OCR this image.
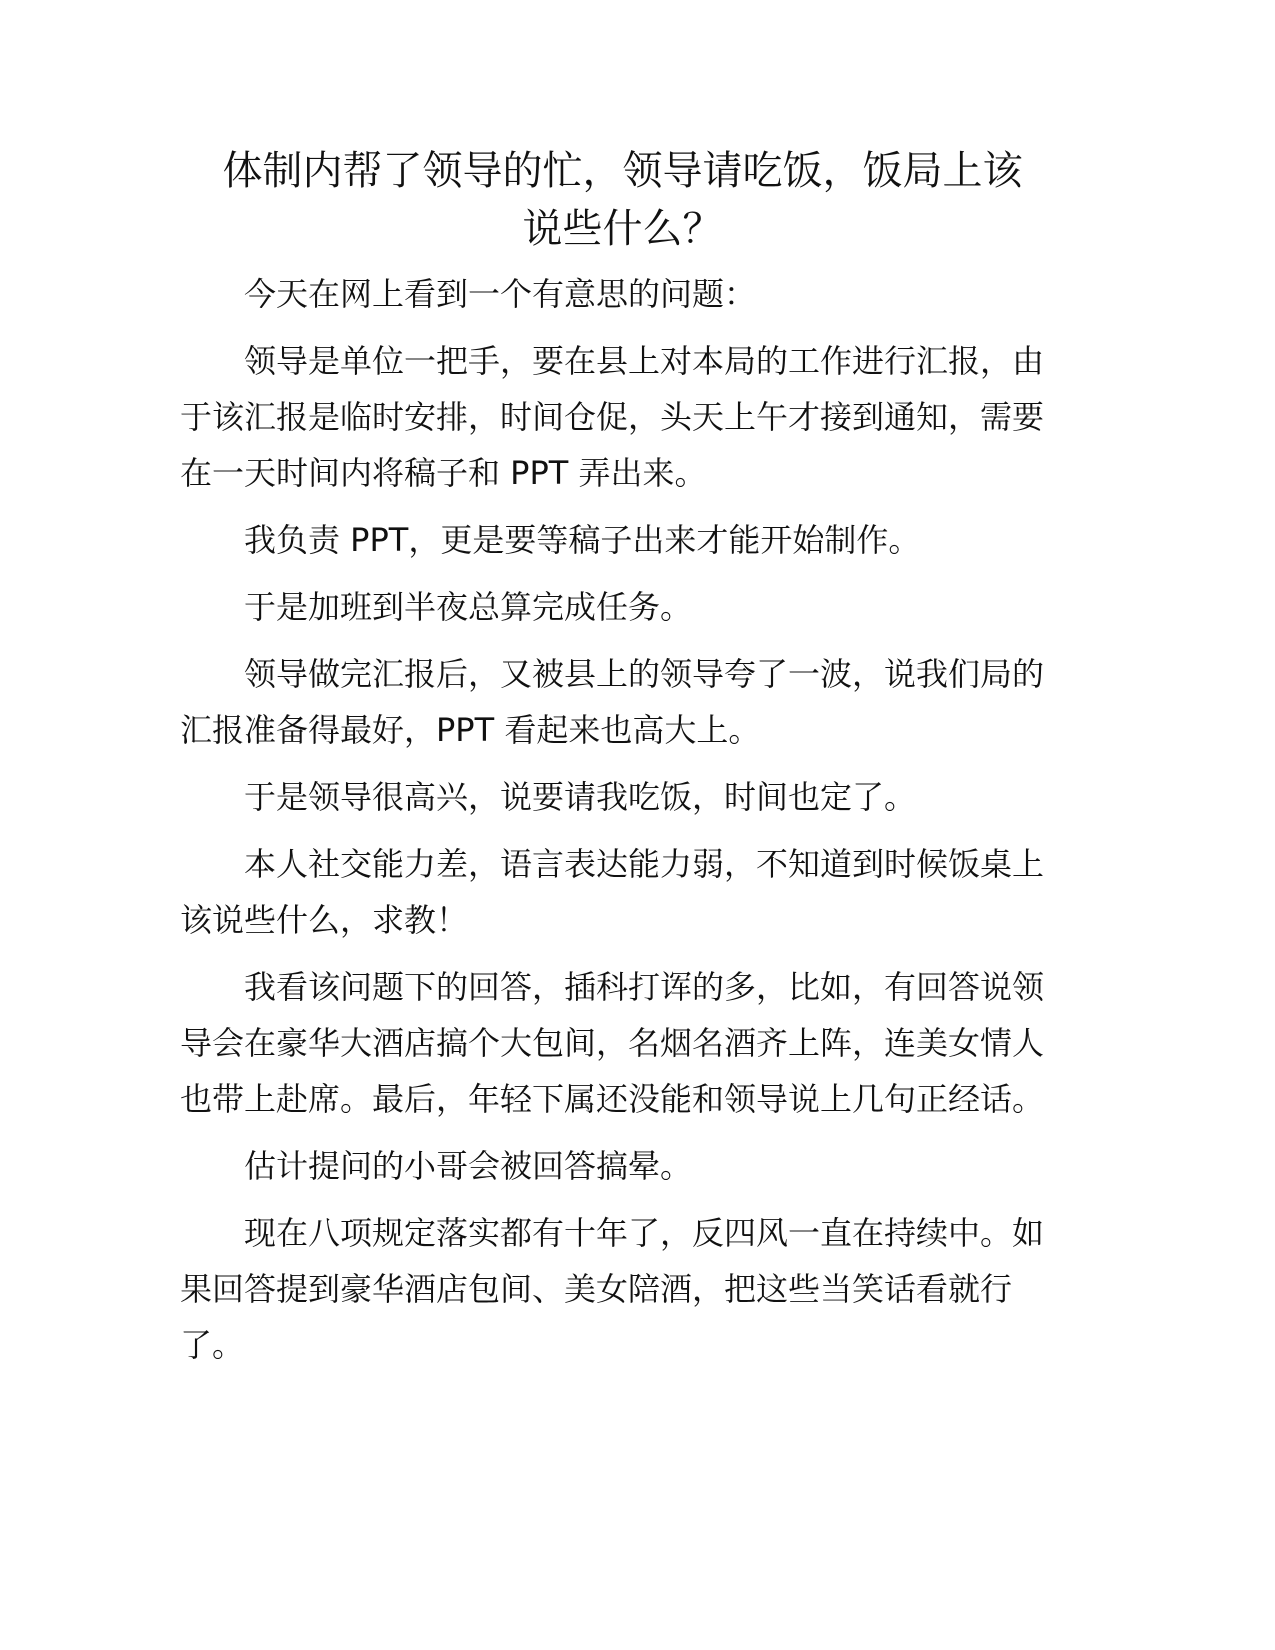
体制内帮了领导的忙，领导请吃饭，饭局上该
说些什么？

今天在网上看到一个有意思的问题：

领导是单位一把手，要在县上对本局的工作进行汇报，由
于该汇报是临时安排，时间仓促，头天上午才接到通知，需要
在一天时间内将稿子和 PPT 弄出来。

我负责 PPT，更是要等稿子出来才能开始制作。

于是加班到半夜总算完成任务。

领导做完汇报后，又被县上的领导夸了一波，说我们局的
汇报准备得最好，PPT 看起来也高大上。

于是领导很高兴，说要请我吃饭，时间也定了。

本人社交能力差，语言表达能力弱，不知道到时候饭桌上
该说些什么，求教！

我看该问题下的回答，插科打诨的多，比如，有回答说领
导会在豪华大酒店搞个大包间，名烟名酒齐上阵，连美女情人
也带上赴席。最后，年轻下属还没能和领导说上几句正经话。

估计提问的小哥会被回答搞晕。

现在八项规定落实都有十年了，反四风一直在持续中。如
果回答提到豪华酒店包间、美女陪酒，把这些当笑话看就行
了。
